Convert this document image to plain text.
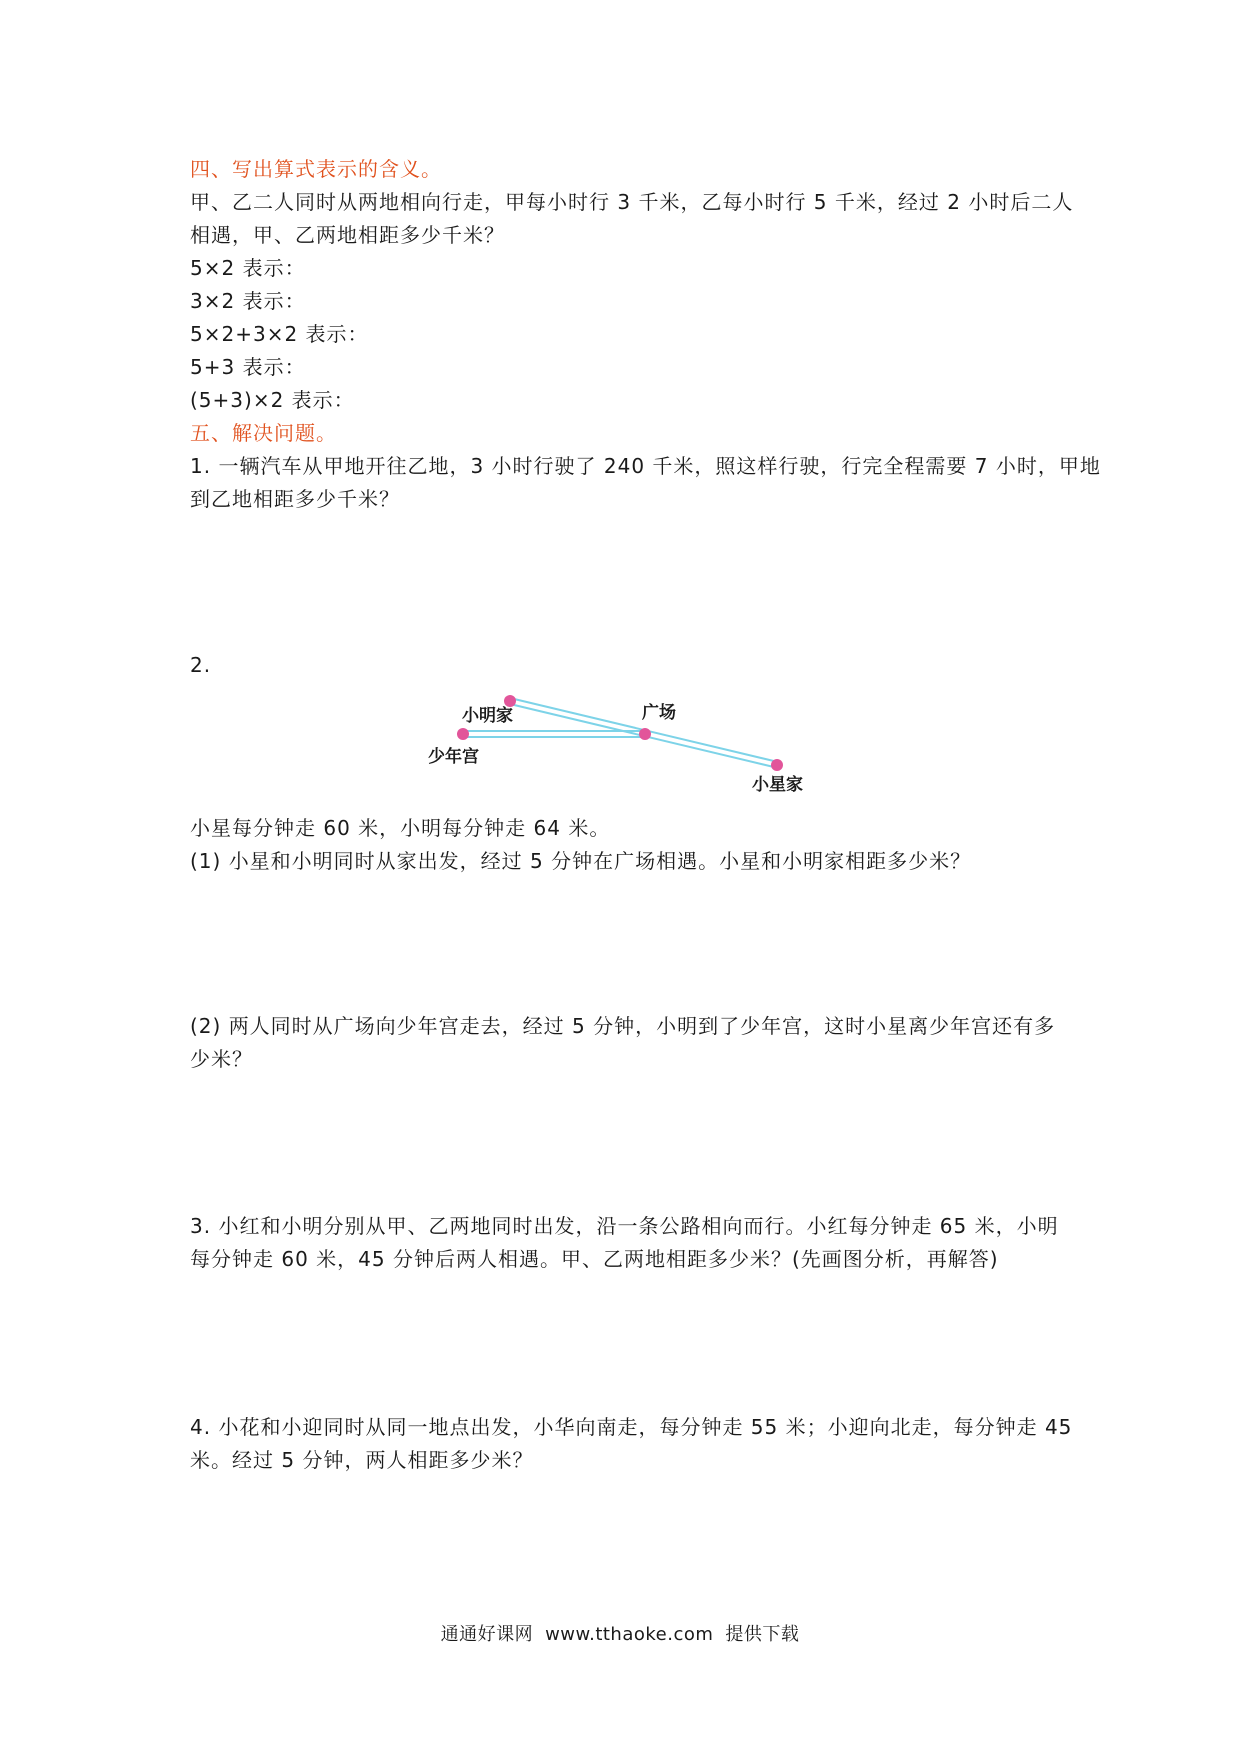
四、写出算式表示的含义。
甲、乙二人同时从两地相向行走，甲每小时行 3 千米，乙每小时行 5 千米，经过 2 小时后二人
相遇，甲、乙两地相距多少千米？
5×2 表示：
3×2 表示：
5×2+3×2 表示：
5+3 表示：
(5+3)×2 表示：
五、解决问题。
1. 一辆汽车从甲地开往乙地，3 小时行驶了 240 千米，照这样行驶，行完全程需要 7 小时，甲地
到乙地相距多少千米？
2.
小明家	广场
少年宫
小星家
小星每分钟走 60 米，小明每分钟走 64 米。
(1) 小星和小明同时从家出发，经过 5 分钟在广场相遇。小星和小明家相距多少米？
(2) 两人同时从广场向少年宫走去，经过 5 分钟，小明到了少年宫，这时小星离少年宫还有多
少米？
3. 小红和小明分别从甲、乙两地同时出发，沿一条公路相向而行。小红每分钟走 65 米，小明
每分钟走 60 米，45 分钟后两人相遇。甲、乙两地相距多少米？(先画图分析，再解答)
4. 小花和小迎同时从同一地点出发，小华向南走，每分钟走 55 米；小迎向北走，每分钟走 45
米。经过 5 分钟，两人相距多少米？
通通好课网 www.tthaoke.com 提供下载
